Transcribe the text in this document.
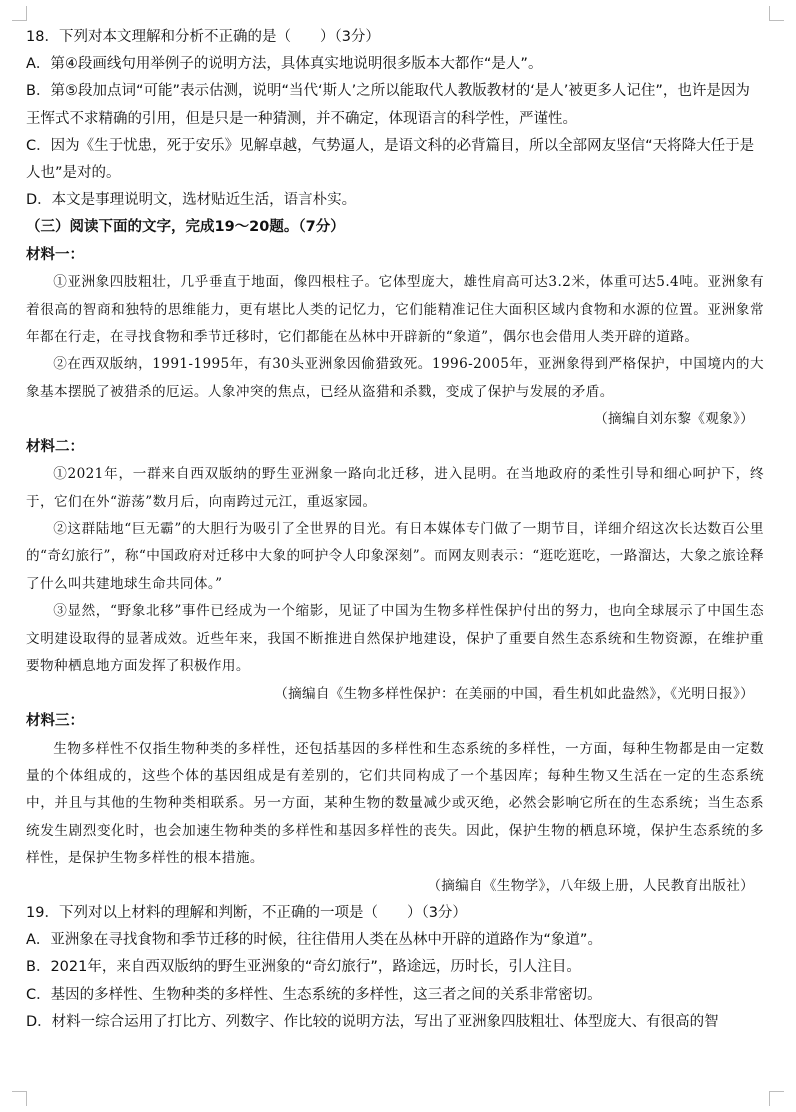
18．下列对本文理解和分析不正确的是（　　）（3分）

A．第④段画线句用举例子的说明方法，具体真实地说明很多版本大都作“是人”。

B．第⑤段加点词“可能”表示估测，说明“当代‘斯人’之所以能取代人教版教材的‘是人’被更多人记住”，也许是因为王恽式不求精确的引用，但是只是一种猜测，并不确定，体现语言的科学性，严谨性。

C．因为《生于忧患，死于安乐》见解卓越，气势逼人，是语文科的必背篇目，所以全部网友坚信“天将降大任于是人也”是对的。

D．本文是事理说明文，选材贴近生活，语言朴实。

（三）阅读下面的文字，完成19～20题。（7分）

材料一：

①亚洲象四肢粗壮，几乎垂直于地面，像四根柱子。它体型庞大，雄性肩高可达3.2米，体重可达5.4吨。亚洲象有着很高的智商和独特的思维能力，更有堪比人类的记忆力，它们能精准记住大面积区域内食物和水源的位置。亚洲象常年都在行走，在寻找食物和季节迁移时，它们都能在丛林中开辟新的“象道”，偶尔也会借用人类开辟的道路。

②在西双版纳，1991-1995年，有30头亚洲象因偷猎致死。1996-2005年，亚洲象得到严格保护，中国境内的大象基本摆脱了被猎杀的厄运。人象冲突的焦点，已经从盗猎和杀戮，变成了保护与发展的矛盾。

（摘编自刘东黎《观象》）

材料二：

①2021年，一群来自西双版纳的野生亚洲象一路向北迁移，进入昆明。在当地政府的柔性引导和细心呵护下，终于，它们在外“游荡”数月后，向南跨过元江，重返家园。

②这群陆地“巨无霸”的大胆行为吸引了全世界的目光。有日本媒体专门做了一期节目，详细介绍这次长达数百公里的“奇幻旅行”，称“中国政府对迁移中大象的呵护令人印象深刻”。而网友则表示：“逛吃逛吃，一路溜达，大象之旅诠释了什么叫共建地球生命共同体。”

③显然，“野象北移”事件已经成为一个缩影，见证了中国为生物多样性保护付出的努力，也向全球展示了中国生态文明建设取得的显著成效。近些年来，我国不断推进自然保护地建设，保护了重要自然生态系统和生物资源，在维护重要物种栖息地方面发挥了积极作用。

（摘编自《生物多样性保护：在美丽的中国，看生机如此盎然》，《光明日报》）

材料三：

生物多样性不仅指生物种类的多样性，还包括基因的多样性和生态系统的多样性，一方面，每种生物都是由一定数量的个体组成的，这些个体的基因组成是有差别的，它们共同构成了一个基因库；每种生物又生活在一定的生态系统中，并且与其他的生物种类相联系。另一方面，某种生物的数量减少或灭绝，必然会影响它所在的生态系统；当生态系统发生剧烈变化时，也会加速生物种类的多样性和基因多样性的丧失。因此，保护生物的栖息环境，保护生态系统的多样性，是保护生物多样性的根本措施。

（摘编自《生物学》，八年级上册，人民教育出版社）

19．下列对以上材料的理解和判断，不正确的一项是（　　）（3分）

A．亚洲象在寻找食物和季节迁移的时候，往往借用人类在丛林中开辟的道路作为“象道”。

B．2021年，来自西双版纳的野生亚洲象的“奇幻旅行”，路途远，历时长，引人注目。

C．基因的多样性、生物种类的多样性、生态系统的多样性，这三者之间的关系非常密切。

D．材料一综合运用了打比方、列数字、作比较的说明方法，写出了亚洲象四肢粗壮、体型庞大、有很高的智
